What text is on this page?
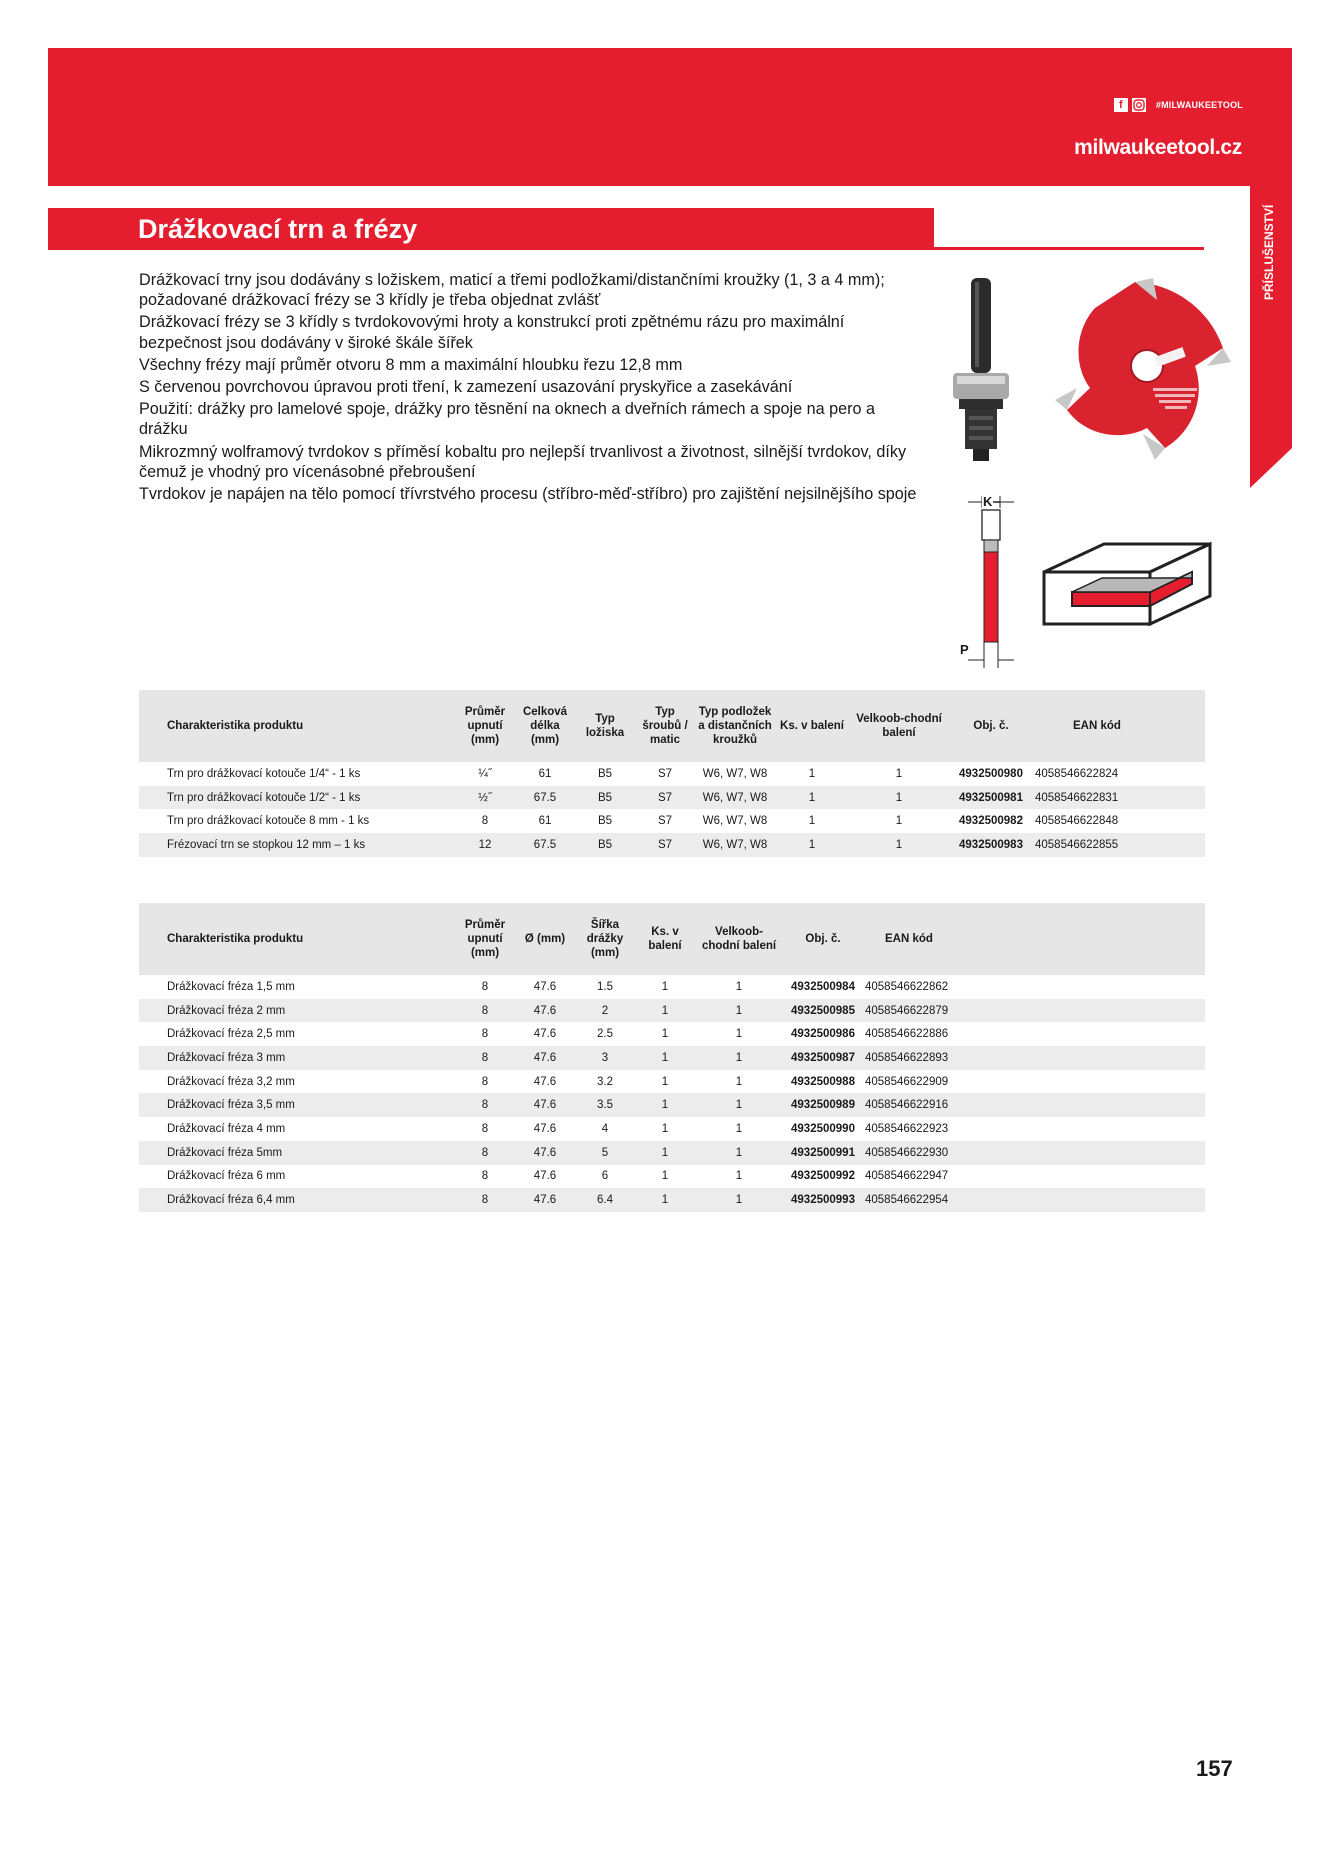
f	#MILWAUKEETOOL
milwaukeetool.cz
PŘÍSLUŠENSTVÍ
Drážkovací trn a frézy

Drážkovací trny jsou dodávány s ložiskem, maticí a třemi podložkami/distančními kroužky (1, 3 a 4 mm); požadované drážkovací frézy se 3 křídly je třeba objednat zvlášť

Drážkovací frézy se 3 křídly s tvrdokovovými hroty a konstrukcí proti zpětnému rázu pro maximální bezpečnost jsou dodávány v široké škále šířek

Všechny frézy mají průměr otvoru 8 mm a maximální hloubku řezu 12,8 mm

S červenou povrchovou úpravou proti tření, k zamezení usazování pryskyřice a zasekávání

Použití: drážky pro lamelové spoje, drážky pro těsnění na oknech a dveřních rámech a spoje na pero a drážku

Mikrozmný wolframový tvrdokov s příměsí kobaltu pro nejlepší trvanlivost a životnost, silnější tvrdokov, díky čemuž je vhodný pro vícenásobné přebroušení

Tvrdokov je napájen na tělo pomocí třívrstvého procesu (stříbro-měď-stříbro) pro zajištění nejsilnějšího spoje	K
P
Charakteristika produktu	Průměr upnutí (mm)	Celková délka (mm)	Typ ložiska	Typ šroubů / matic	Typ podložek a distančních kroužků	Ks. v balení	Velkoob-chodní balení	Obj. č.	EAN kód
Trn pro drážkovací kotouče 1/4“ - 1 ks	¼˝	61	B5	S7	W6, W7, W8	1	1	4932500980	4058546622824
Trn pro drážkovací kotouče 1/2“ - 1 ks	½˝	67.5	B5	S7	W6, W7, W8	1	1	4932500981	4058546622831
Trn pro drážkovací kotouče 8 mm - 1 ks	8	61	B5	S7	W6, W7, W8	1	1	4932500982	4058546622848
Frézovací trn se stopkou 12 mm – 1 ks	12	67.5	B5	S7	W6, W7, W8	1	1	4932500983	4058546622855
Charakteristika produktu	Průměr upnutí (mm)	Ø (mm)	Šířka drážky (mm)	Ks. v balení	Velkoob-chodní balení	Obj. č.	EAN kód
Drážkovací fréza 1,5 mm	8	47.6	1.5	1	1	4932500984	4058546622862
Drážkovací fréza 2 mm	8	47.6	2	1	1	4932500985	4058546622879
Drážkovací fréza 2,5 mm	8	47.6	2.5	1	1	4932500986	4058546622886
Drážkovací fréza 3 mm	8	47.6	3	1	1	4932500987	4058546622893
Drážkovací fréza 3,2 mm	8	47.6	3.2	1	1	4932500988	4058546622909
Drážkovací fréza 3,5 mm	8	47.6	3.5	1	1	4932500989	4058546622916
Drážkovací fréza 4 mm	8	47.6	4	1	1	4932500990	4058546622923
Drážkovací fréza 5mm	8	47.6	5	1	1	4932500991	4058546622930
Drážkovací fréza 6 mm	8	47.6	6	1	1	4932500992	4058546622947
Drážkovací fréza 6,4 mm	8	47.6	6.4	1	1	4932500993	4058546622954
157
